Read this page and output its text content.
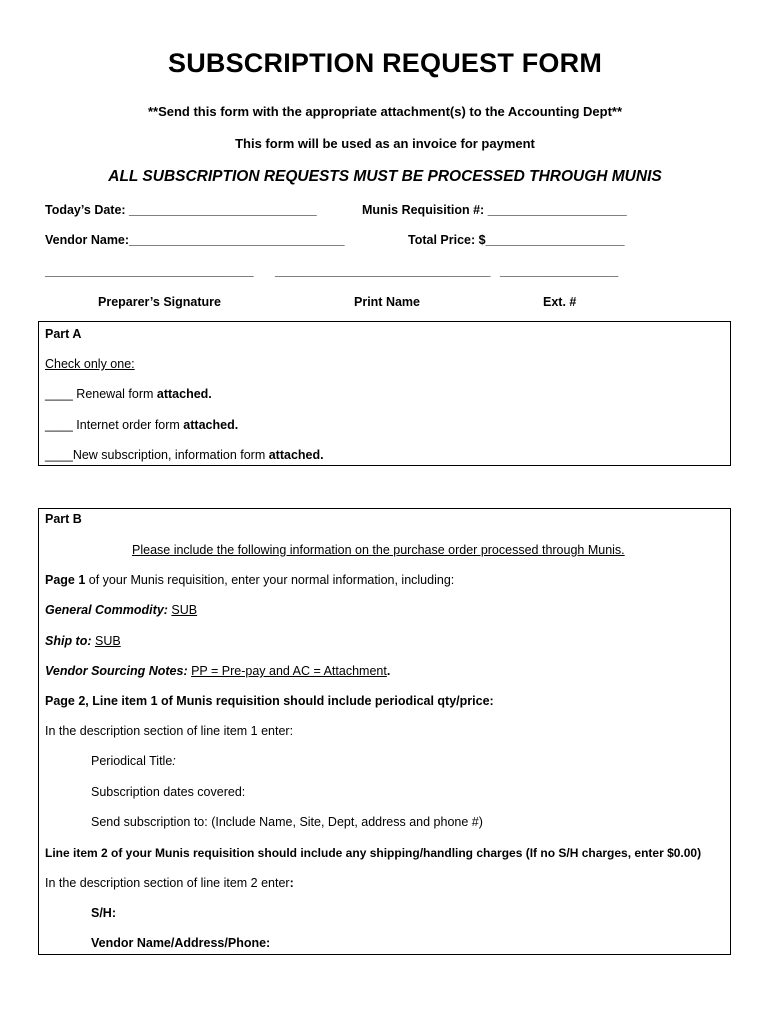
SUBSCRIPTION REQUEST FORM
**Send this form with the appropriate attachment(s) to the Accounting Dept**
This form will be used as an invoice for payment
ALL SUBSCRIPTION REQUESTS MUST BE PROCESSED THROUGH MUNIS
Today’s Date: ___________________________	Munis Requisition #: ____________________
Vendor Name:_______________________________	Total Price: $____________________
______________________________ _______________________________ _________________
Preparer’s Signature	Print Name	Ext. #
Part A
Check only one:
____ Renewal form attached.
____ Internet order form attached.
____New subscription, information form attached.
Part B
Please include the following information on the purchase order processed through Munis.
Page 1 of your Munis requisition, enter your normal information, including:
General Commodity: SUB
Ship to: SUB
Vendor Sourcing Notes: PP = Pre-pay and AC = Attachment.
Page 2, Line item 1 of Munis requisition should include periodical qty/price:
In the description section of line item 1 enter:
Periodical Title:
Subscription dates covered:
Send subscription to: (Include Name, Site, Dept, address and phone #)
Line item 2 of your Munis requisition should include any shipping/handling charges (If no S/H charges, enter $0.00)
In the description section of line item 2 enter:
S/H:
Vendor Name/Address/Phone:
